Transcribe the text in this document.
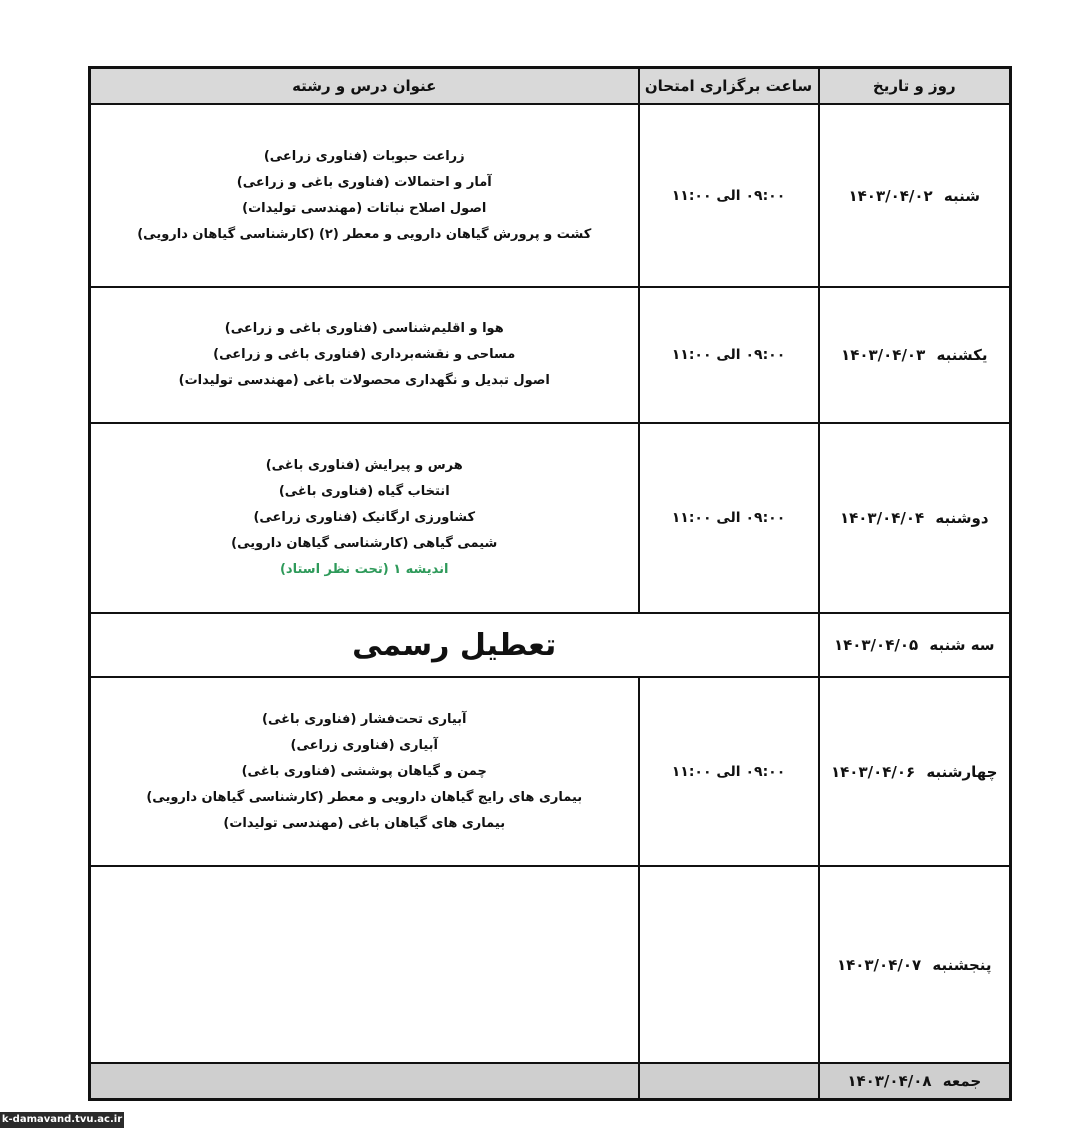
روز و تاریخ	ساعت برگزاری امتحان	عنوان درس و رشته
شنبه ۱۴۰۳/۰۴/۰۲	۰۹:۰۰ الی ۱۱:۰۰	زراعت حبوبات (فناوری زراعی)
آمار و احتمالات (فناوری باغی و زراعی)
اصول اصلاح نباتات (مهندسی تولیدات)
کشت و پرورش گیاهان دارویی و معطر (۲) (کارشناسی گیاهان دارویی)

یکشنبه ۱۴۰۳/۰۴/۰۳	۰۹:۰۰ الی ۱۱:۰۰	هوا و اقلیم‌شناسی (فناوری باغی و زراعی)
مساحی و نقشه‌برداری (فناوری باغی و زراعی)
اصول تبدیل و نگهداری محصولات باغی (مهندسی تولیدات)

دوشنبه ۱۴۰۳/۰۴/۰۴	۰۹:۰۰ الی ۱۱:۰۰	هرس و پیرایش (فناوری باغی)
انتخاب گیاه (فناوری باغی)
کشاورزی ارگانیک (فناوری زراعی)
شیمی گیاهی (کارشناسی گیاهان دارویی)
اندیشه ۱ (تحت نظر استاد)

سه شنبه ۱۴۰۳/۰۴/۰۵	تعطیل رسمی	
چهارشنبه ۱۴۰۳/۰۴/۰۶	۰۹:۰۰ الی ۱۱:۰۰	آبیاری تحت‌فشار (فناوری باغی)
آبیاری (فناوری زراعی)
چمن و گیاهان پوششی (فناوری باغی)
بیماری های رایج گیاهان دارویی و معطر (کارشناسی گیاهان دارویی)
بیماری های گیاهان باغی (مهندسی تولیدات)

پنجشنبه ۱۴۰۳/۰۴/۰۷		
جمعه ۱۴۰۳/۰۴/۰۸		
k-damavand.tvu.ac.ir
